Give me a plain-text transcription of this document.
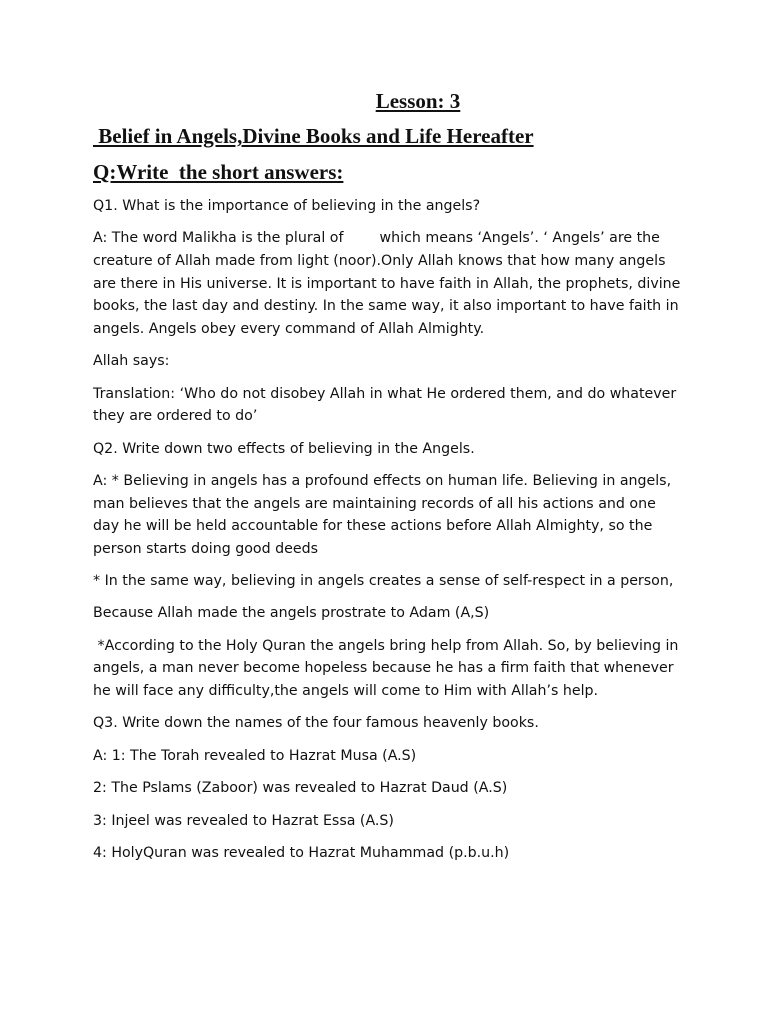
Lesson: 3
Belief in Angels,Divine Books and Life Hereafter
Q:Write  the short answers:

Q1. What is the importance of believing in the angels?

A: The word Malikha is the plural of        which means ‘Angels’. ‘ Angels’ are the creature of Allah made from light (noor).Only Allah knows that how many angels are there in His universe. It is important to have faith in Allah, the prophets, divine books, the last day and destiny. In the same way, it also important to have faith in angels. Angels obey every command of Allah Almighty.

Allah says:

Translation: ‘Who do not disobey Allah in what He ordered them, and do whatever they are ordered to do’

Q2. Write down two effects of believing in the Angels.

A: * Believing in angels has a profound effects on human life. Believing in angels, man believes that the angels are maintaining records of all his actions and one day he will be held accountable for these actions before Allah Almighty, so the person starts doing good deeds

* In the same way, believing in angels creates a sense of self-respect in a person,

Because Allah made the angels prostrate to Adam (A,S)

*According to the Holy Quran the angels bring help from Allah. So, by believing in angels, a man never become hopeless because he has a firm faith that whenever he will face any difficulty,the angels will come to Him with Allah’s help.

Q3. Write down the names of the four famous heavenly books.

A: 1: The Torah revealed to Hazrat Musa (A.S)

2: The Pslams (Zaboor) was revealed to Hazrat Daud (A.S)

3: Injeel was revealed to Hazrat Essa (A.S)

4: HolyQuran was revealed to Hazrat Muhammad (p.b.u.h)
